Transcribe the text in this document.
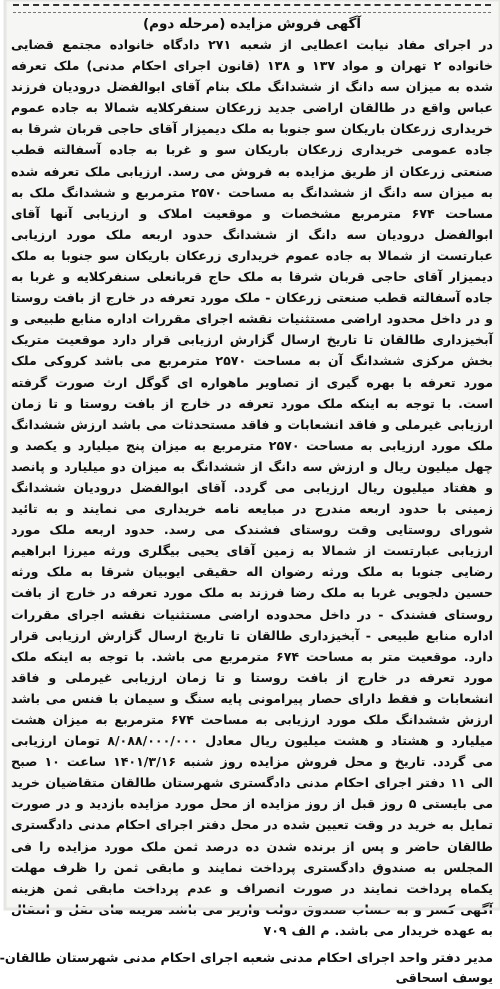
آگهی فروش مزایده (مرحله دوم)

در اجرای مفاد نیابت اعطایی از شعبه ۲۷۱ دادگاه خانواده مجتمع قضایی خانواده ۲ تهران و مواد ۱۳۷ و ۱۳۸ (قانون اجرای احکام مدنی) ملک تعرفه شده به میزان سه دانگ از ششدانگ ملک بنام آقای ابوالفضل دروديان فرزند عباس واقع در طالقان اراضی جدید زرعکان سنفرکلایه شمالا به جاده عموم خریداری زرعکان باریکان سو جنوبا به ملک دیمیزار آقای حاجی قربان شرقا به جاده عمومی خریداری زرعکان باریکان سو و غربا به جاده آسفالته قطب صنعتی زرعکان از طریق مزایده به فروش می رسد. ارزیابی ملک تعرفه شده به میزان سه دانگ از ششدانگ به مساحت ۲۵۷۰ مترمربع و ششدانگ ملک به مساحت ۶۷۴ مترمربع مشخصات و موقعیت املاک و ارزیابی آنها آقای ابوالفضل دروديان سه دانگ از ششدانگ حدود اربعه ملک مورد ارزیابی عبارتست از شمالا به جاده عموم خریداری زرعکان باریکان سو جنوبا به ملک دیمیزار آقای حاجی قربان شرقا به ملک حاج قربانعلی سنفرکلایه و غربا به جاده آسفالته قطب صنعتی زرعکان - ملک مورد تعرفه در خارج از بافت روستا و در داخل محدود اراضی مستثنیات نقشه اجرای مقررات اداره منابع طبیعی و آبخیزداری طالقان تا تاریخ ارسال گزارش ارزیابی قرار دارد موقعیت متریک بخش مرکزی ششدانگ آن به مساحت ۲۵۷۰ مترمربع می باشد کروکی ملک مورد تعرفه با بهره گیری از تصاویر ماهواره ای گوگل ارث صورت گرفته است. با توجه به اینکه ملک مورد تعرفه در خارج از بافت روستا و تا زمان ارزیابی غیرملی و فاقد انشعابات و فاقد مستحدثات می باشد ارزش ششدانگ ملک مورد ارزیابی به مساحت ۲۵۷۰ مترمربع به میزان پنج میلیارد و یکصد و چهل میلیون ریال و ارزش سه دانگ از ششدانگ به میزان دو میلیارد و پانصد و هفتاد میلیون ریال ارزیابی می گردد. آقای ابوالفضل دروديان ششدانگ زمینی با حدود اربعه مندرج در مبایعه نامه خریداری می نمایند و به تائید شورای روستایی وقت روستای فشندک می رسد. حدود اربعه ملک مورد ارزیابی عبارتست از شمالا به زمین آقای یحیی بیگلری ورثه میرزا ابراهیم رضایی جنوبا به ملک ورثه رضوان اله حقیقی ایوبیان شرقا به ملک ورثه حسین دلجویی غربا به ملک رضا فرزند به ملک مورد تعرفه در خارج از بافت روستای فشندک - در داخل محدوده اراضی مستثنیات نقشه اجرای مقررات اداره منابع طبیعی - آبخیزداری طالقان تا تاریخ ارسال گزارش ارزیابی قرار دارد. موقعیت متر به مساحت ۶۷۴ مترمربع می باشد. با توجه به اینکه ملک مورد تعرفه در خارج از بافت روستا و تا زمان ارزیابی غیرملی و فاقد انشعابات و فقط دارای حصار پیرامونی پایه سنگ و سیمان با فنس می باشد ارزش ششدانگ ملک مورد ارزیابی به مساحت ۶۷۴ مترمربع به میزان هشت میلیارد و هشتاد و هشت میلیون ریال معادل ۸/۰۸۸/۰۰۰/۰۰۰ تومان ارزیابی می گردد. تاریخ و محل فروش مزایده روز شنبه ۱۴۰۱/۳/۱۶ ساعت ۱۰ صبح الی ۱۱ دفتر اجرای احکام مدنی دادگستری شهرستان طالقان متقاضیان خرید می بایستی ۵ روز قبل از روز مزایده از محل مورد مزایده بازدید و در صورت تمایل به خرید در وقت تعیین شده در محل دفتر اجرای احکام مدنی دادگستری طالقان حاضر و پس از برنده شدن ده درصد ثمن ملک مورد مزایده را فی المجلس به صندوق دادگستری پرداخت نمایند و مابقی ثمن را ظرف مهلت یکماه پرداخت نمایند در صورت انصراف و عدم پرداخت مابقی ثمن هزینه آگهی کسر و به حساب صندوق دولت واریز می باشد هزینه های نقل و انتقال به عهده خریدار می باشد. م الف ۷۰۹

مدیر دفتر واحد اجرای احکام مدنی شعبه اجرای احکام مدنی شهرستان طالقان-
یوسف اسحاقی
